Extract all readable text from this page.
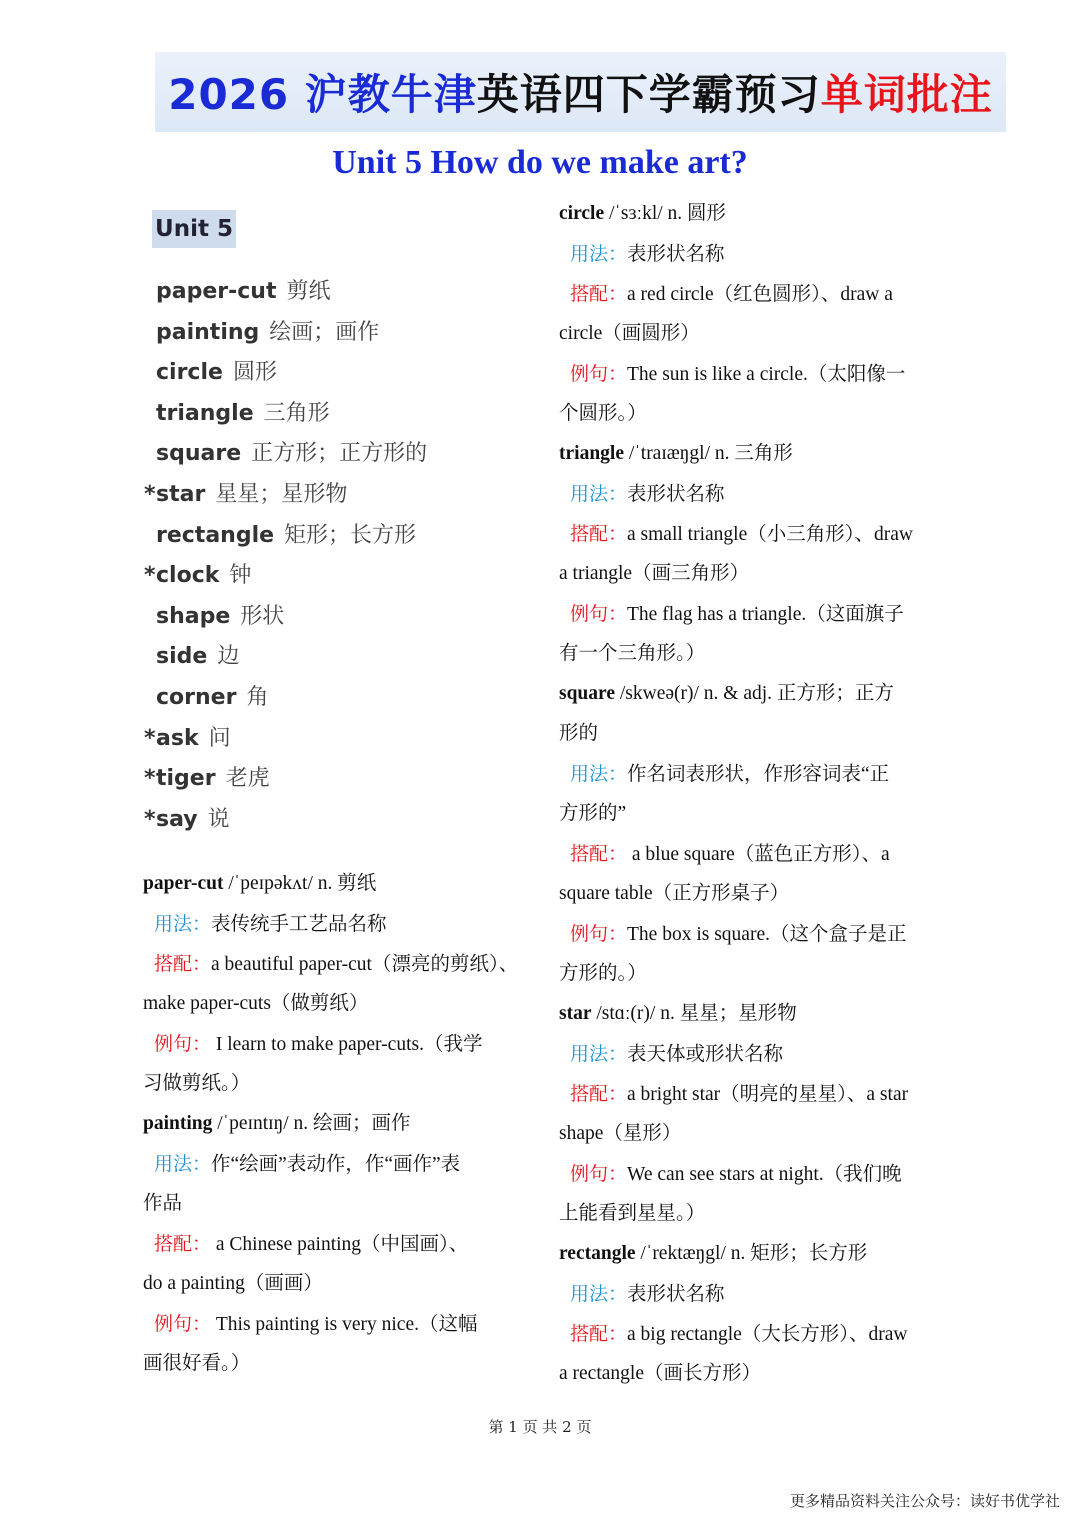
2026 沪教牛津 英语四下学霸预习 单词批注
Unit 5 How do we make art?
Unit 5
paper-cut 剪纸
painting 绘画；画作
circle 圆形
triangle 三角形
square 正方形；正方形的
*star 星星；星形物
rectangle 矩形；长方形
*clock 钟
shape 形状
side 边
corner 角
*ask 问
*tiger 老虎
*say 说
paper-cut /ˈpeɪpəkʌt/ n. 剪纸
用法：表传统手工艺品名称
搭配：a beautiful paper-cut（漂亮的剪纸）、
make paper-cuts（做剪纸）
例句： I learn to make paper-cuts.（我学
习做剪纸。）
painting /ˈpeɪntɪŋ/ n. 绘画；画作
用法：作“绘画”表动作，作“画作”表
作品
搭配： a Chinese painting（中国画）、
do a painting（画画）
例句： This painting is very nice.（这幅
画很好看。）
circle /ˈsɜːkl/ n. 圆形
用法：表形状名称
搭配：a red circle（红色圆形）、draw a
circle（画圆形）
例句：The sun is like a circle.（太阳像一
个圆形。）
triangle /ˈtraɪæŋgl/ n. 三角形
用法：表形状名称
搭配：a small triangle（小三角形）、draw
a triangle（画三角形）
例句：The flag has a triangle.（这面旗子
有一个三角形。）
square /skweə(r)/ n. & adj. 正方形；正方
形的
用法：作名词表形状，作形容词表“正
方形的”
搭配： a blue square（蓝色正方形）、a
square table（正方形桌子）
例句：The box is square.（这个盒子是正
方形的。）
star /stɑː(r)/ n. 星星；星形物
用法：表天体或形状名称
搭配：a bright star（明亮的星星）、a star
shape（星形）
例句：We can see stars at night.（我们晚
上能看到星星。）
rectangle /ˈrektæŋgl/ n. 矩形；长方形
用法：表形状名称
搭配：a big rectangle（大长方形）、draw
a rectangle（画长方形）
第 1 页 共 2 页
更多精品资料关注公众号：读好书优学社
